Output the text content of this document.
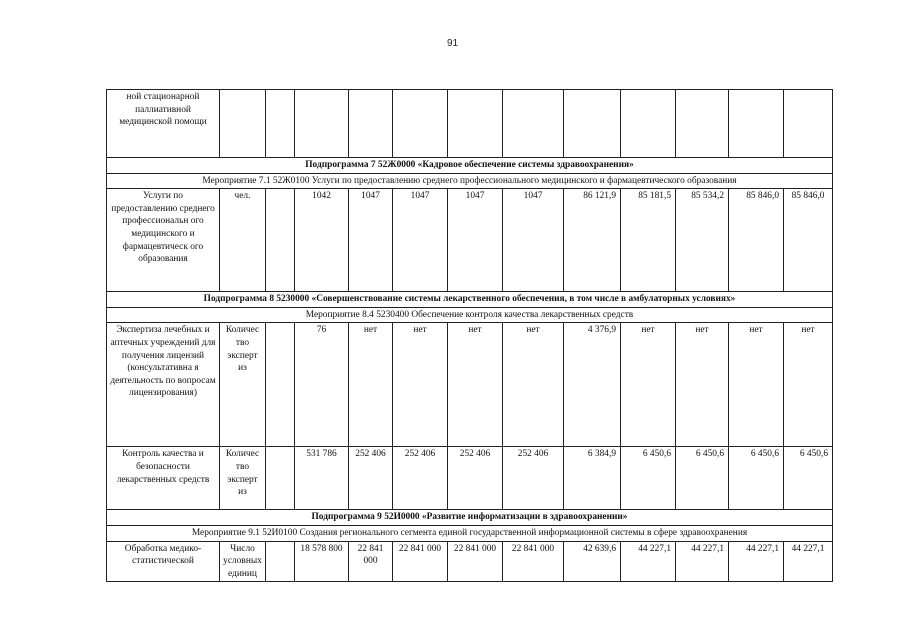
91
ной стационарной паллиативной медицинской помощи												
Подпрограмма 7 52Ж0000 «Кадровое обеспечение системы здравоохранения»												
Мероприятие 7.1 52Ж0100 Услуги по предоставлению среднего профессионального медицинского и фармацевтического образования												
Услуги по предоставлению среднего профессиональн ого медицинского и фармацевтическ ого образования	чел.		1042	1047	1047	1047	1047	86 121,9	85 181,5	85 534,2	85 846,0	85 846,0
Подпрограмма 8 5230000 «Совершенствование системы лекарственного обеспечения, в том числе в амбулаторных условиях»												
Мероприятие 8.4 5230400 Обеспечение контроля качества лекарственных средств												
Экспертиза лечебных и аптечных учреждений для получения лицензий (консультативна я деятельность по вопросам лицензирования)	Количес тво эксперт из		76	нет	нет	нет	нет	4 376,9	нет	нет	нет	нет
Контроль качества и безопасности лекарственных средств	Количес тво эксперт из		531 786	252 406	252 406	252 406	252 406	6 384,9	6 450,6	6 450,6	6 450,6	6 450,6
Подпрограмма 9 52И0000 «Развитие информатизации в здравоохранении»												
Мероприятие 9.1 52И0100 Создания регионального сегмента единой государственной информационной системы в сфере здравоохранения												
Обработка медико-статистической	Число условных единиц		18 578 800	22 841 000	22 841 000	22 841 000	22 841 000	42 639,6	44 227,1	44 227,1	44 227,1	44 227,1
